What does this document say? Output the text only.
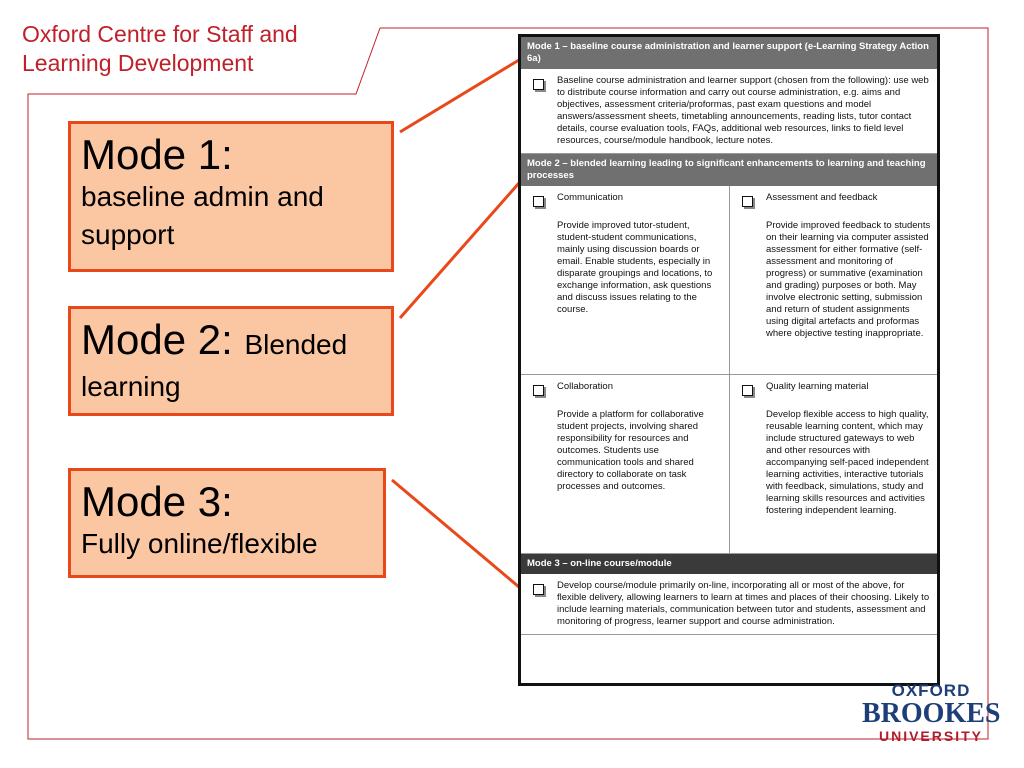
Oxford Centre for Staff and
Learning Development
Mode 1:
baseline admin and support
Mode 2: Blended
learning
Mode 3:
Fully online/flexible
Mode 1 – baseline course administration and learner support (e-Learning Strategy Action 6a)

Baseline course administration and learner support (chosen from the following): use web to distribute course information and carry out course administration, e.g. aims and objectives, assessment criteria/proformas, past exam questions and model answers/assessment sheets, timetabling announcements, reading lists, tutor contact details, course evaluation tools, FAQs, additional web resources, links to field level resources, course/module handbook, lecture notes.

Mode 2 – blended learning leading to significant enhancements to learning and teaching processes

Communication

Provide improved tutor-student, student-student communications, mainly using discussion boards or email. Enable students, especially in disparate groupings and locations, to exchange information, ask questions and discuss issues relating to the course.

Assessment and feedback

Provide improved feedback to students on their learning via computer assisted assessment for either formative (self-assessment and monitoring of progress) or summative (examination and grading) purposes or both. May involve electronic setting, submission and return of student assignments using digital artefacts and proformas where objective testing inappropriate.

Collaboration

Provide a platform for collaborative student projects, involving shared responsibility for resources and outcomes. Students use communication tools and shared directory to collaborate on task processes and outcomes.

Quality learning material

Develop flexible access to high quality, reusable learning content, which may include structured gateways to web and other resources with accompanying self-paced independent learning activities, interactive tutorials with feedback, simulations, study and learning skills resources and activities fostering independent learning.

Mode 3 – on-line course/module

Develop course/module primarily on-line, incorporating all or most of the above, for flexible delivery, allowing learners to learn at times and places of their choosing. Likely to include learning materials, communication between tutor and students, assessment and monitoring of progress, learner support and course administration.

OXFORD
BROOKES
UNIVERSITY
